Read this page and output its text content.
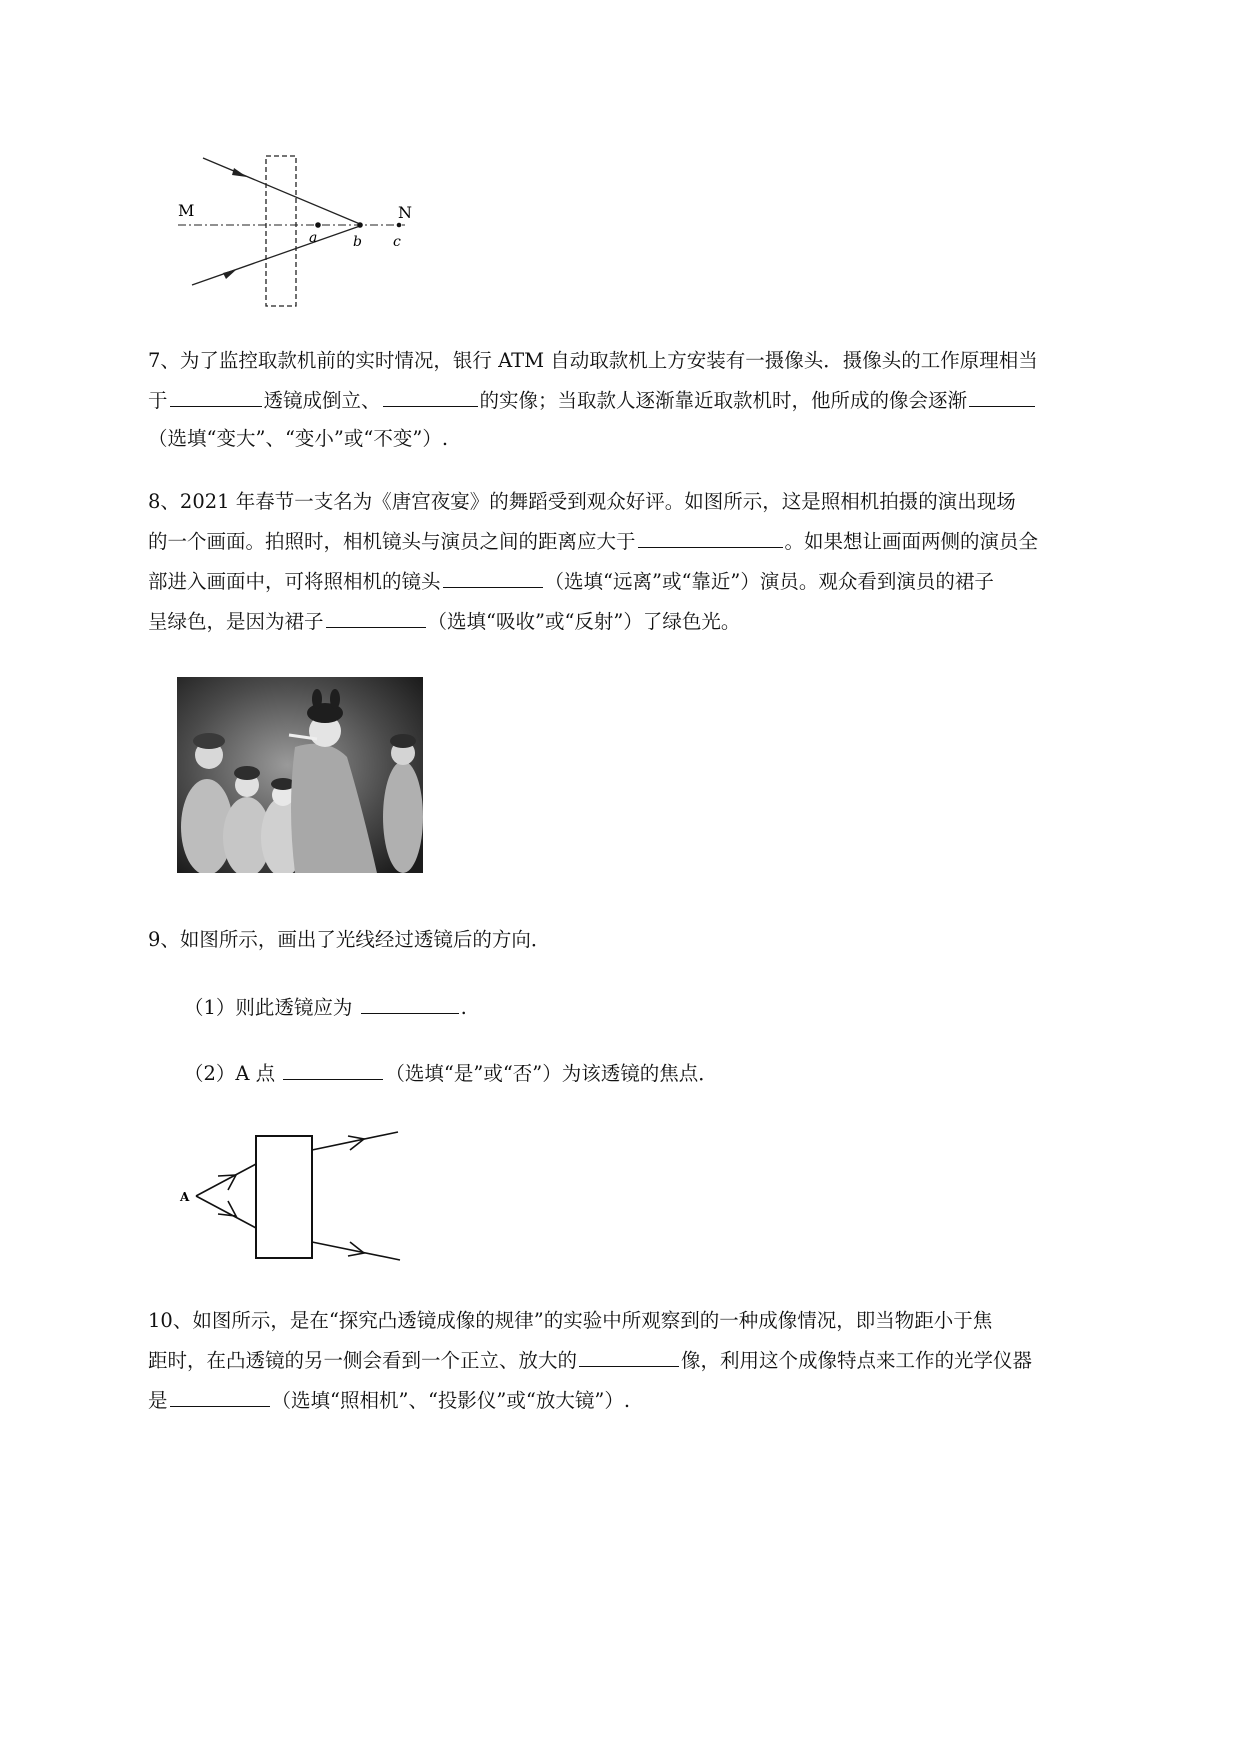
M	N
a	b c
7、为了监控取款机前的实时情况，银行 ATM 自动取款机上方安装有一摄像头．摄像头的工作原理相当
于	透镜成倒立、	的实像；当取款人逐渐靠近取款机时，他所成的像会逐渐
（选填“变大”、“变小”或“不变”）.
8、2021 年春节一支名为《唐宫夜宴》的舞蹈受到观众好评。如图所示，这是照相机拍摄的演出现场
的一个画面。拍照时，相机镜头与演员之间的距离应大于	。如果想让画面两侧的演员全
部进入画面中，可将照相机的镜头	（选填“远离”或“靠近”）演员。观众看到演员的裙子
呈绿色，是因为裙子	（选填“吸收”或“反射”）了绿色光。
9、如图所示，画出了光线经过透镜后的方向．
（1）则此透镜应为	.
（2）A 点	（选填“是”或“否”）为该透镜的焦点．
A
10、如图所示，是在“探究凸透镜成像的规律”的实验中所观察到的一种成像情况，即当物距小于焦
距时，在凸透镜的另一侧会看到一个正立、放大的	像，利用这个成像特点来工作的光学仪器
是	（选填“照相机”、“投影仪”或“放大镜”）.
